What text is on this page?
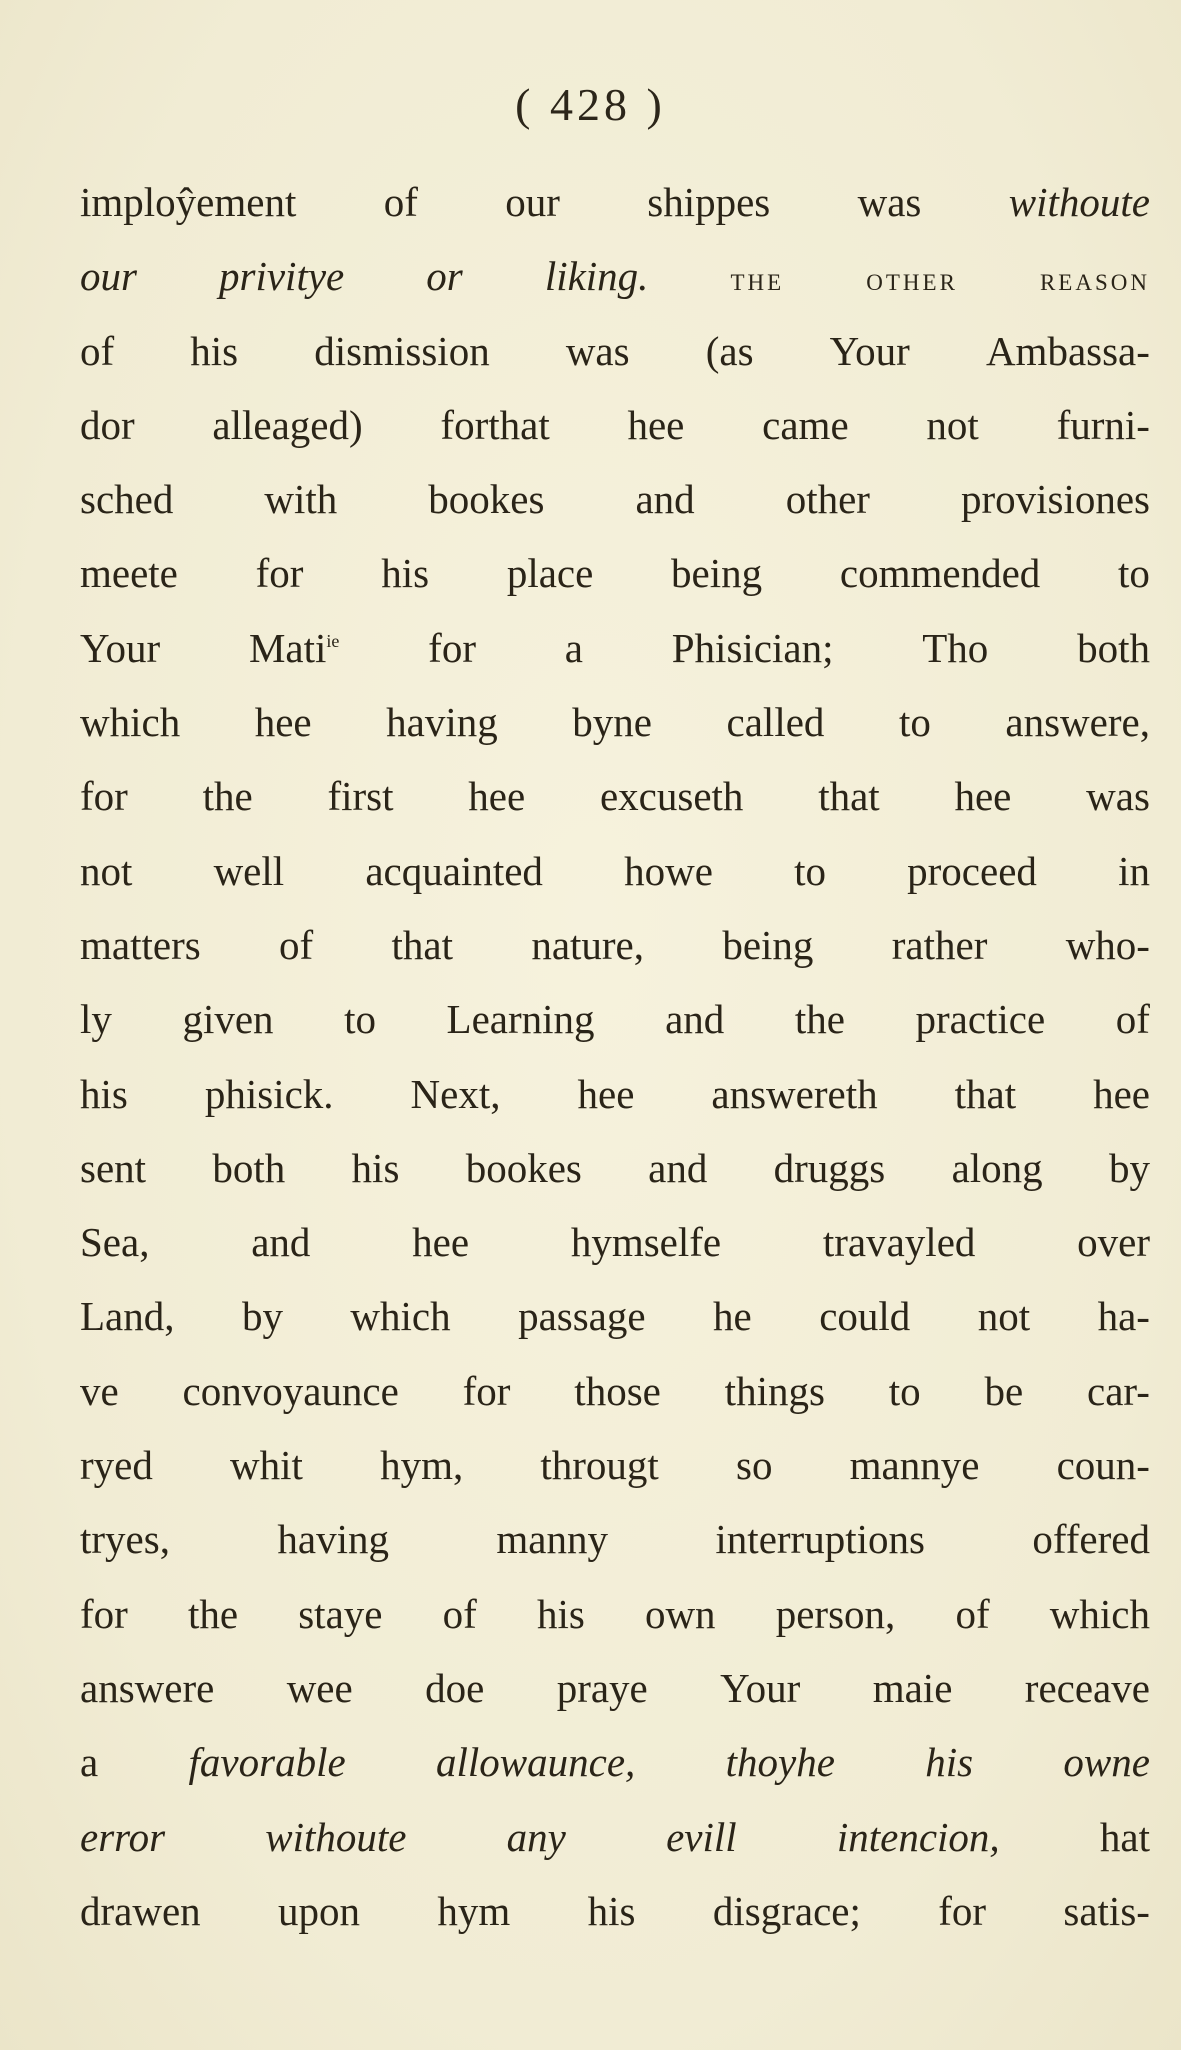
( 428 )
imploŷement of our shippes was withoute
our privitye or liking.	THE	OTHER	REASON
of his dismission was (as Your Ambassa-
dor alleaged) forthat hee came not furni-
sched with bookes and other provisiones
meete for his place being commended to
Your Matiie for a Phisician; Tho both
which hee having byne called to answere,
for the first hee excuseth that hee was
not well acquainted howe to proceed in
matters of that nature, being rather who-
ly given to Learning and the practice of
his phisick. Next, hee answereth that hee
sent both his bookes and druggs along by
Sea, and hee hymselfe travayled over
Land, by which passage he could not ha-
ve convoyaunce for those things to be car-
ryed whit hym, througt so mannye coun-
tryes,	having	manny	interruptions	offered
for the staye of his own person, of which
answere wee doe praye Your maie receave
a favorable allowaunce, thoyhe his owne
error withoute any evill intencion, hat
drawen upon hym his disgrace; for satis-
